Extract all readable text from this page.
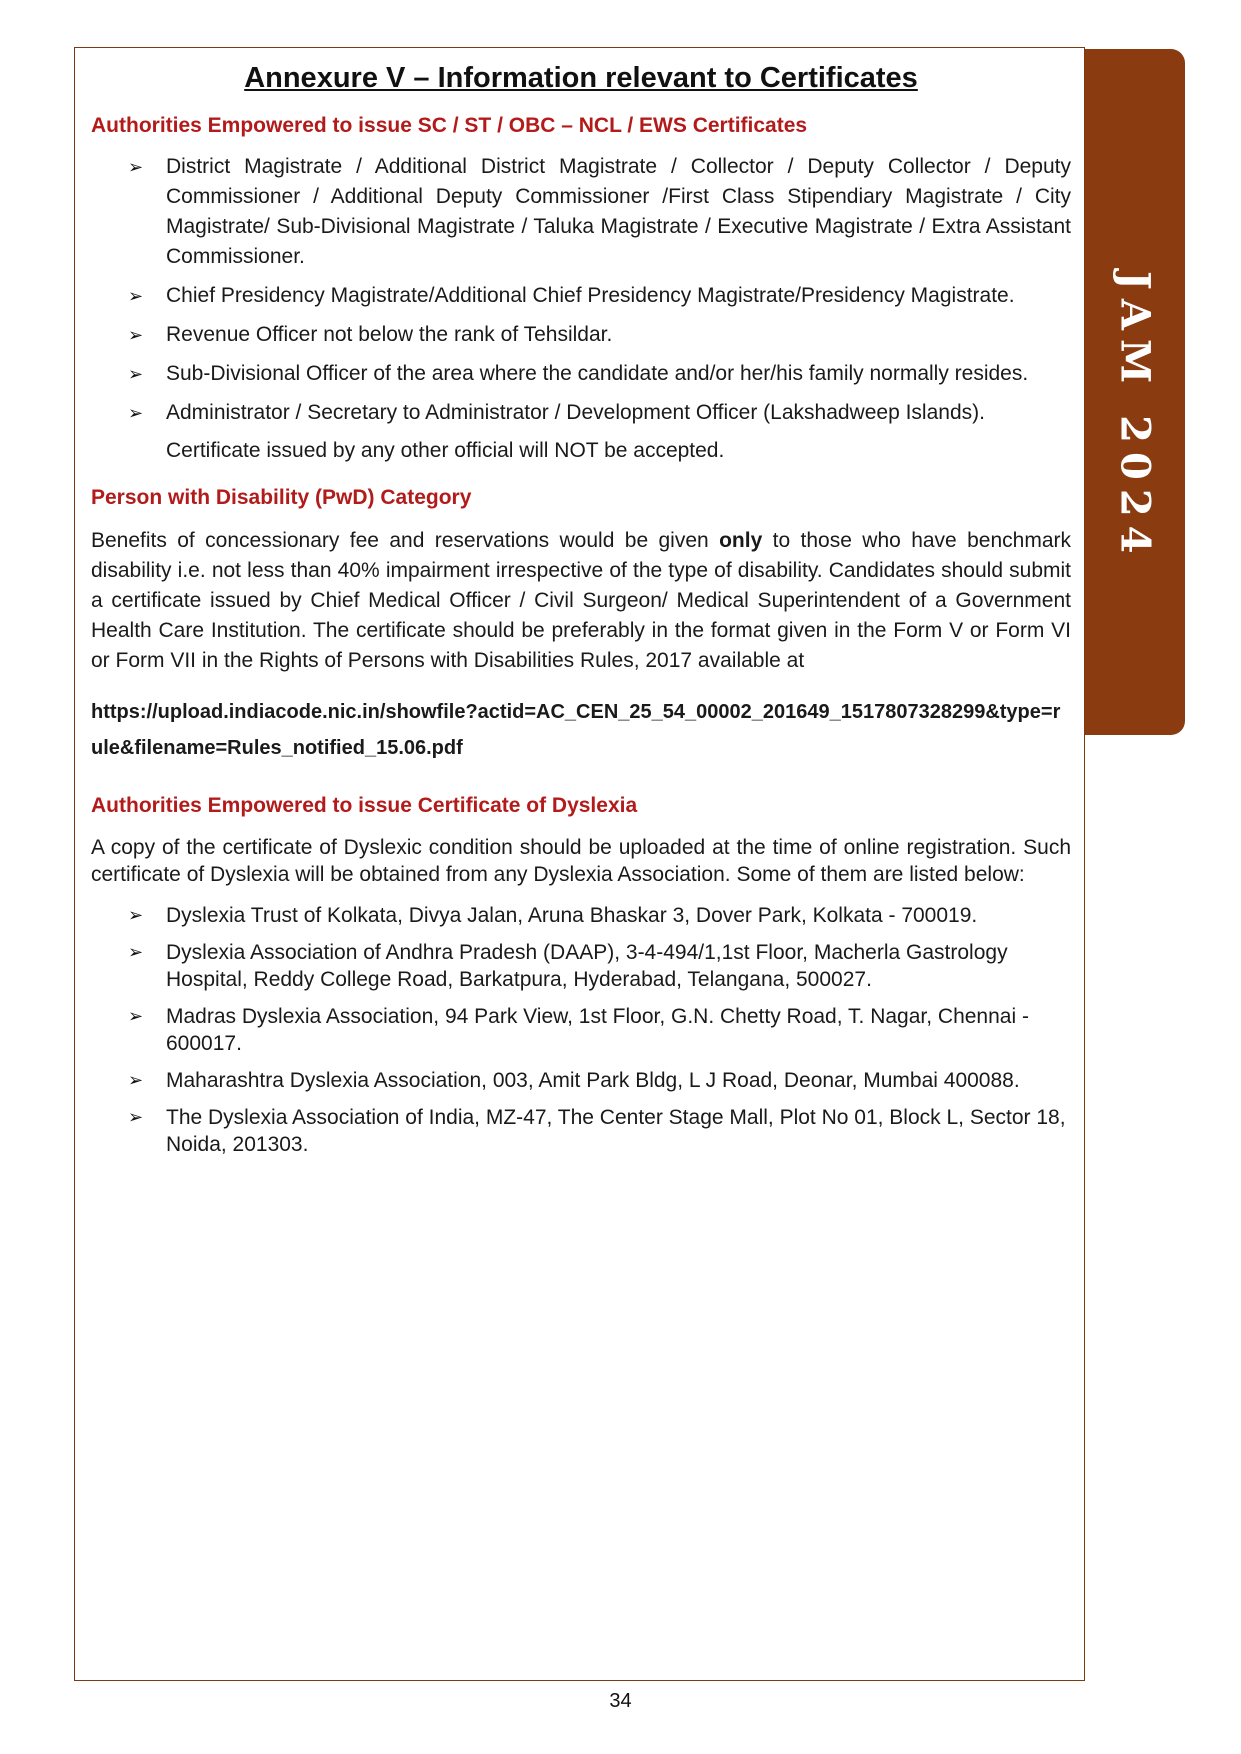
JAM 2024
Annexure V – Information relevant to Certificates
Authorities Empowered to issue SC / ST / OBC – NCL / EWS Certificates
➢ District Magistrate / Additional District Magistrate / Collector / Deputy Collector / Deputy Commissioner / Additional Deputy Commissioner /First Class Stipendiary Magistrate / City Magistrate/ Sub-Divisional Magistrate / Taluka Magistrate / Executive Magistrate / Extra Assistant Commissioner.
➢ Chief Presidency Magistrate/Additional Chief Presidency Magistrate/Presidency Magistrate.
➢ Revenue Officer not below the rank of Tehsildar.
➢ Sub-Divisional Officer of the area where the candidate and/or her/his family normally resides.
➢ Administrator / Secretary to Administrator / Development Officer (Lakshadweep Islands).

Certificate issued by any other official will NOT be accepted.

Person with Disability (PwD) Category

Benefits of concessionary fee and reservations would be given only to those who have benchmark disability i.e. not less than 40% impairment irrespective of the type of disability. Candidates should submit a certificate issued by Chief Medical Officer / Civil Surgeon/ Medical Superintendent of a Government Health Care Institution. The certificate should be preferably in the format given in the Form V or Form VI or Form VII in the Rights of Persons with Disabilities Rules, 2017 available at

https://upload.indiacode.nic.in/showfile?actid=AC_CEN_25_54_00002_201649_1517807328299&type=rule&filename=Rules_notified_15.06.pdf

Authorities Empowered to issue Certificate of Dyslexia

A copy of the certificate of Dyslexic condition should be uploaded at the time of online registration. Such certificate of Dyslexia will be obtained from any Dyslexia Association. Some of them are listed below:

➢ Dyslexia Trust of Kolkata, Divya Jalan, Aruna Bhaskar 3, Dover Park, Kolkata - 700019.
➢ Dyslexia Association of Andhra Pradesh (DAAP), 3-4-494/1,1st Floor, Macherla Gastrology Hospital, Reddy College Road, Barkatpura, Hyderabad, Telangana, 500027.
➢ Madras Dyslexia Association, 94 Park View, 1st Floor, G.N. Chetty Road, T. Nagar, Chennai - 600017.
➢ Maharashtra Dyslexia Association, 003, Amit Park Bldg, L J Road, Deonar, Mumbai 400088.
➢ The Dyslexia Association of India, MZ-47, The Center Stage Mall, Plot No 01, Block L, Sector 18, Noida, 201303.
34
